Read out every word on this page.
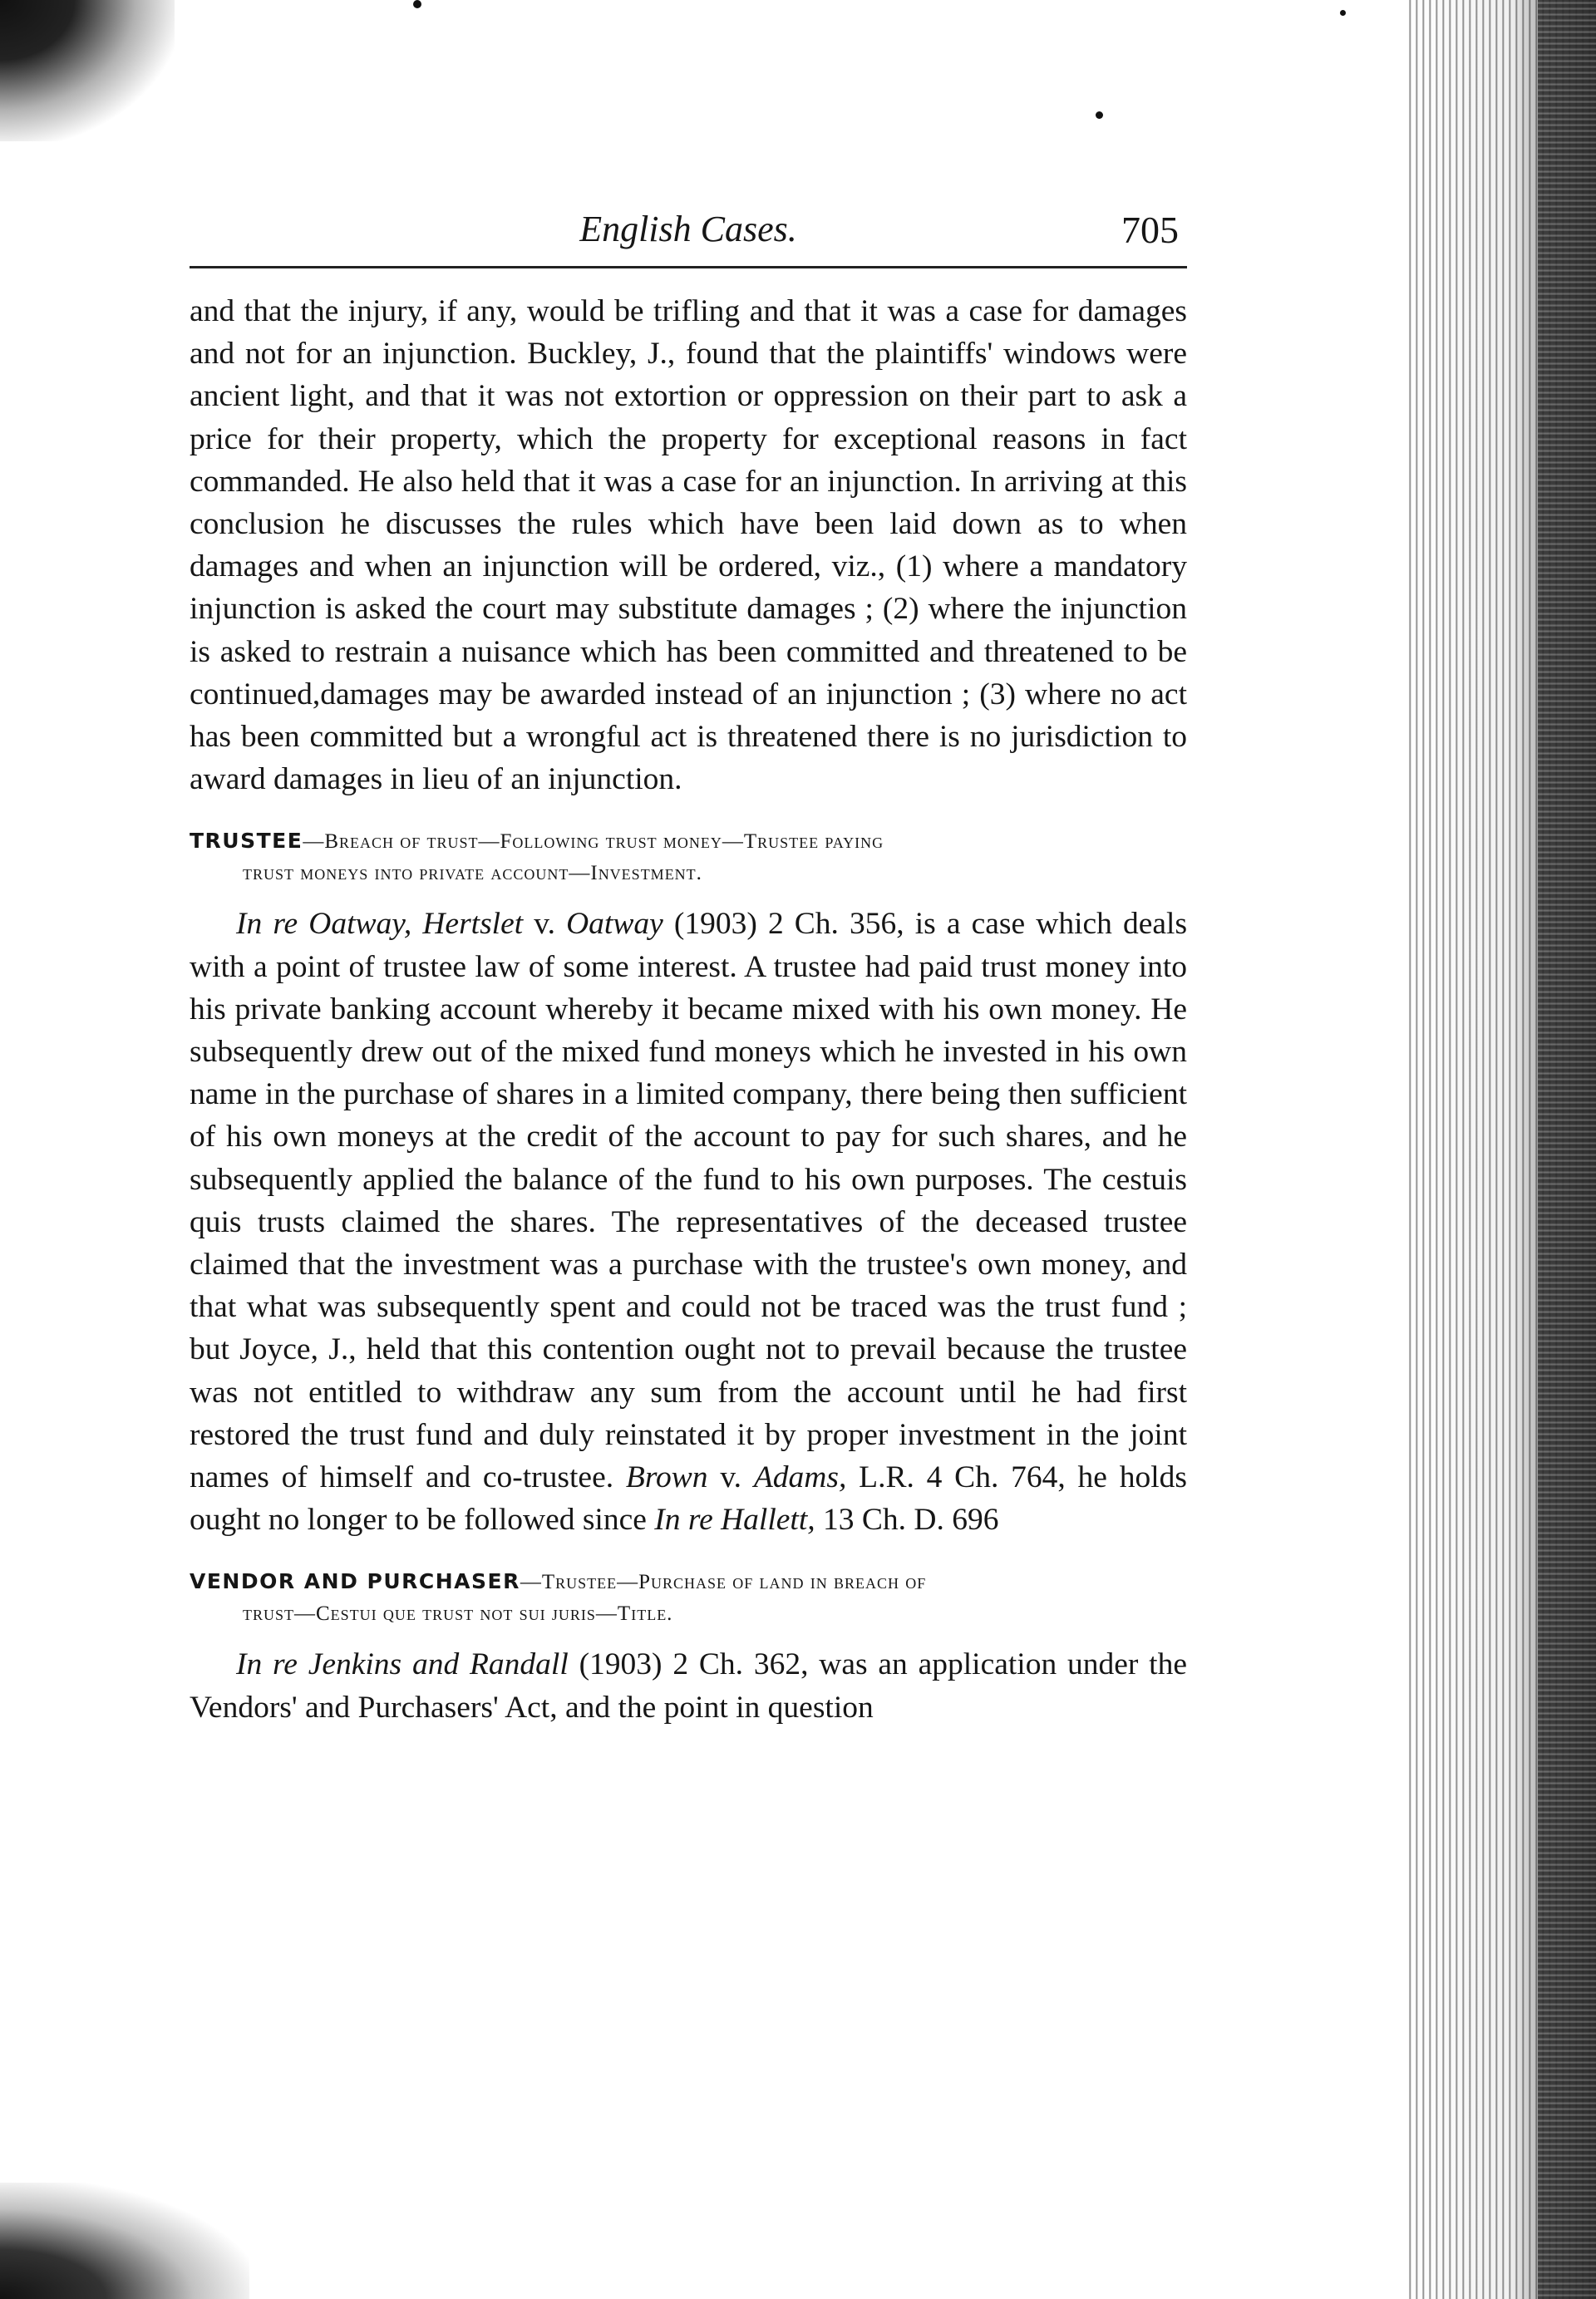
English Cases.	705

and that the injury, if any, would be trifling and that it was a case for damages and not for an injunction. Buckley, J., found that the plaintiffs' windows were ancient light, and that it was not extortion or oppression on their part to ask a price for their property, which the property for exceptional reasons in fact commanded. He also held that it was a case for an injunction. In arriving at this conclusion he discusses the rules which have been laid down as to when damages and when an injunction will be ordered, viz., (1) where a mandatory injunction is asked the court may substitute damages ; (2) where the injunction is asked to restrain a nuisance which has been committed and threatened to be continued,damages may be awarded instead of an injunction ; (3) where no act has been committed but a wrongful act is threatened there is no jurisdiction to award damages in lieu of an injunction.

TRUSTEE—Breach of trust—Following trust money—Trustee paying
trust moneys into private account—Investment.

In re Oatway, Hertslet v. Oatway (1903) 2 Ch. 356, is a case which deals with a point of trustee law of some interest. A trustee had paid trust money into his private banking account whereby it became mixed with his own money. He subsequently drew out of the mixed fund moneys which he invested in his own name in the purchase of shares in a limited company, there being then sufficient of his own moneys at the credit of the account to pay for such shares, and he subsequently applied the balance of the fund to his own purposes. The cestuis quis trusts claimed the shares. The representatives of the deceased trustee claimed that the investment was a purchase with the trustee's own money, and that what was subsequently spent and could not be traced was the trust fund ; but Joyce, J., held that this contention ought not to prevail because the trustee was not entitled to withdraw any sum from the account until he had first restored the trust fund and duly reinstated it by proper investment in the joint names of himself and co-trustee. Brown v. Adams, L.R. 4 Ch. 764, he holds ought no longer to be followed since In re Hallett, 13 Ch. D. 696

VENDOR AND PURCHASER—Trustee—Purchase of land in breach of
trust—Cestui que trust not sui juris—Title.

In re Jenkins and Randall (1903) 2 Ch. 362, was an application under the Vendors' and Purchasers' Act, and the point in question
